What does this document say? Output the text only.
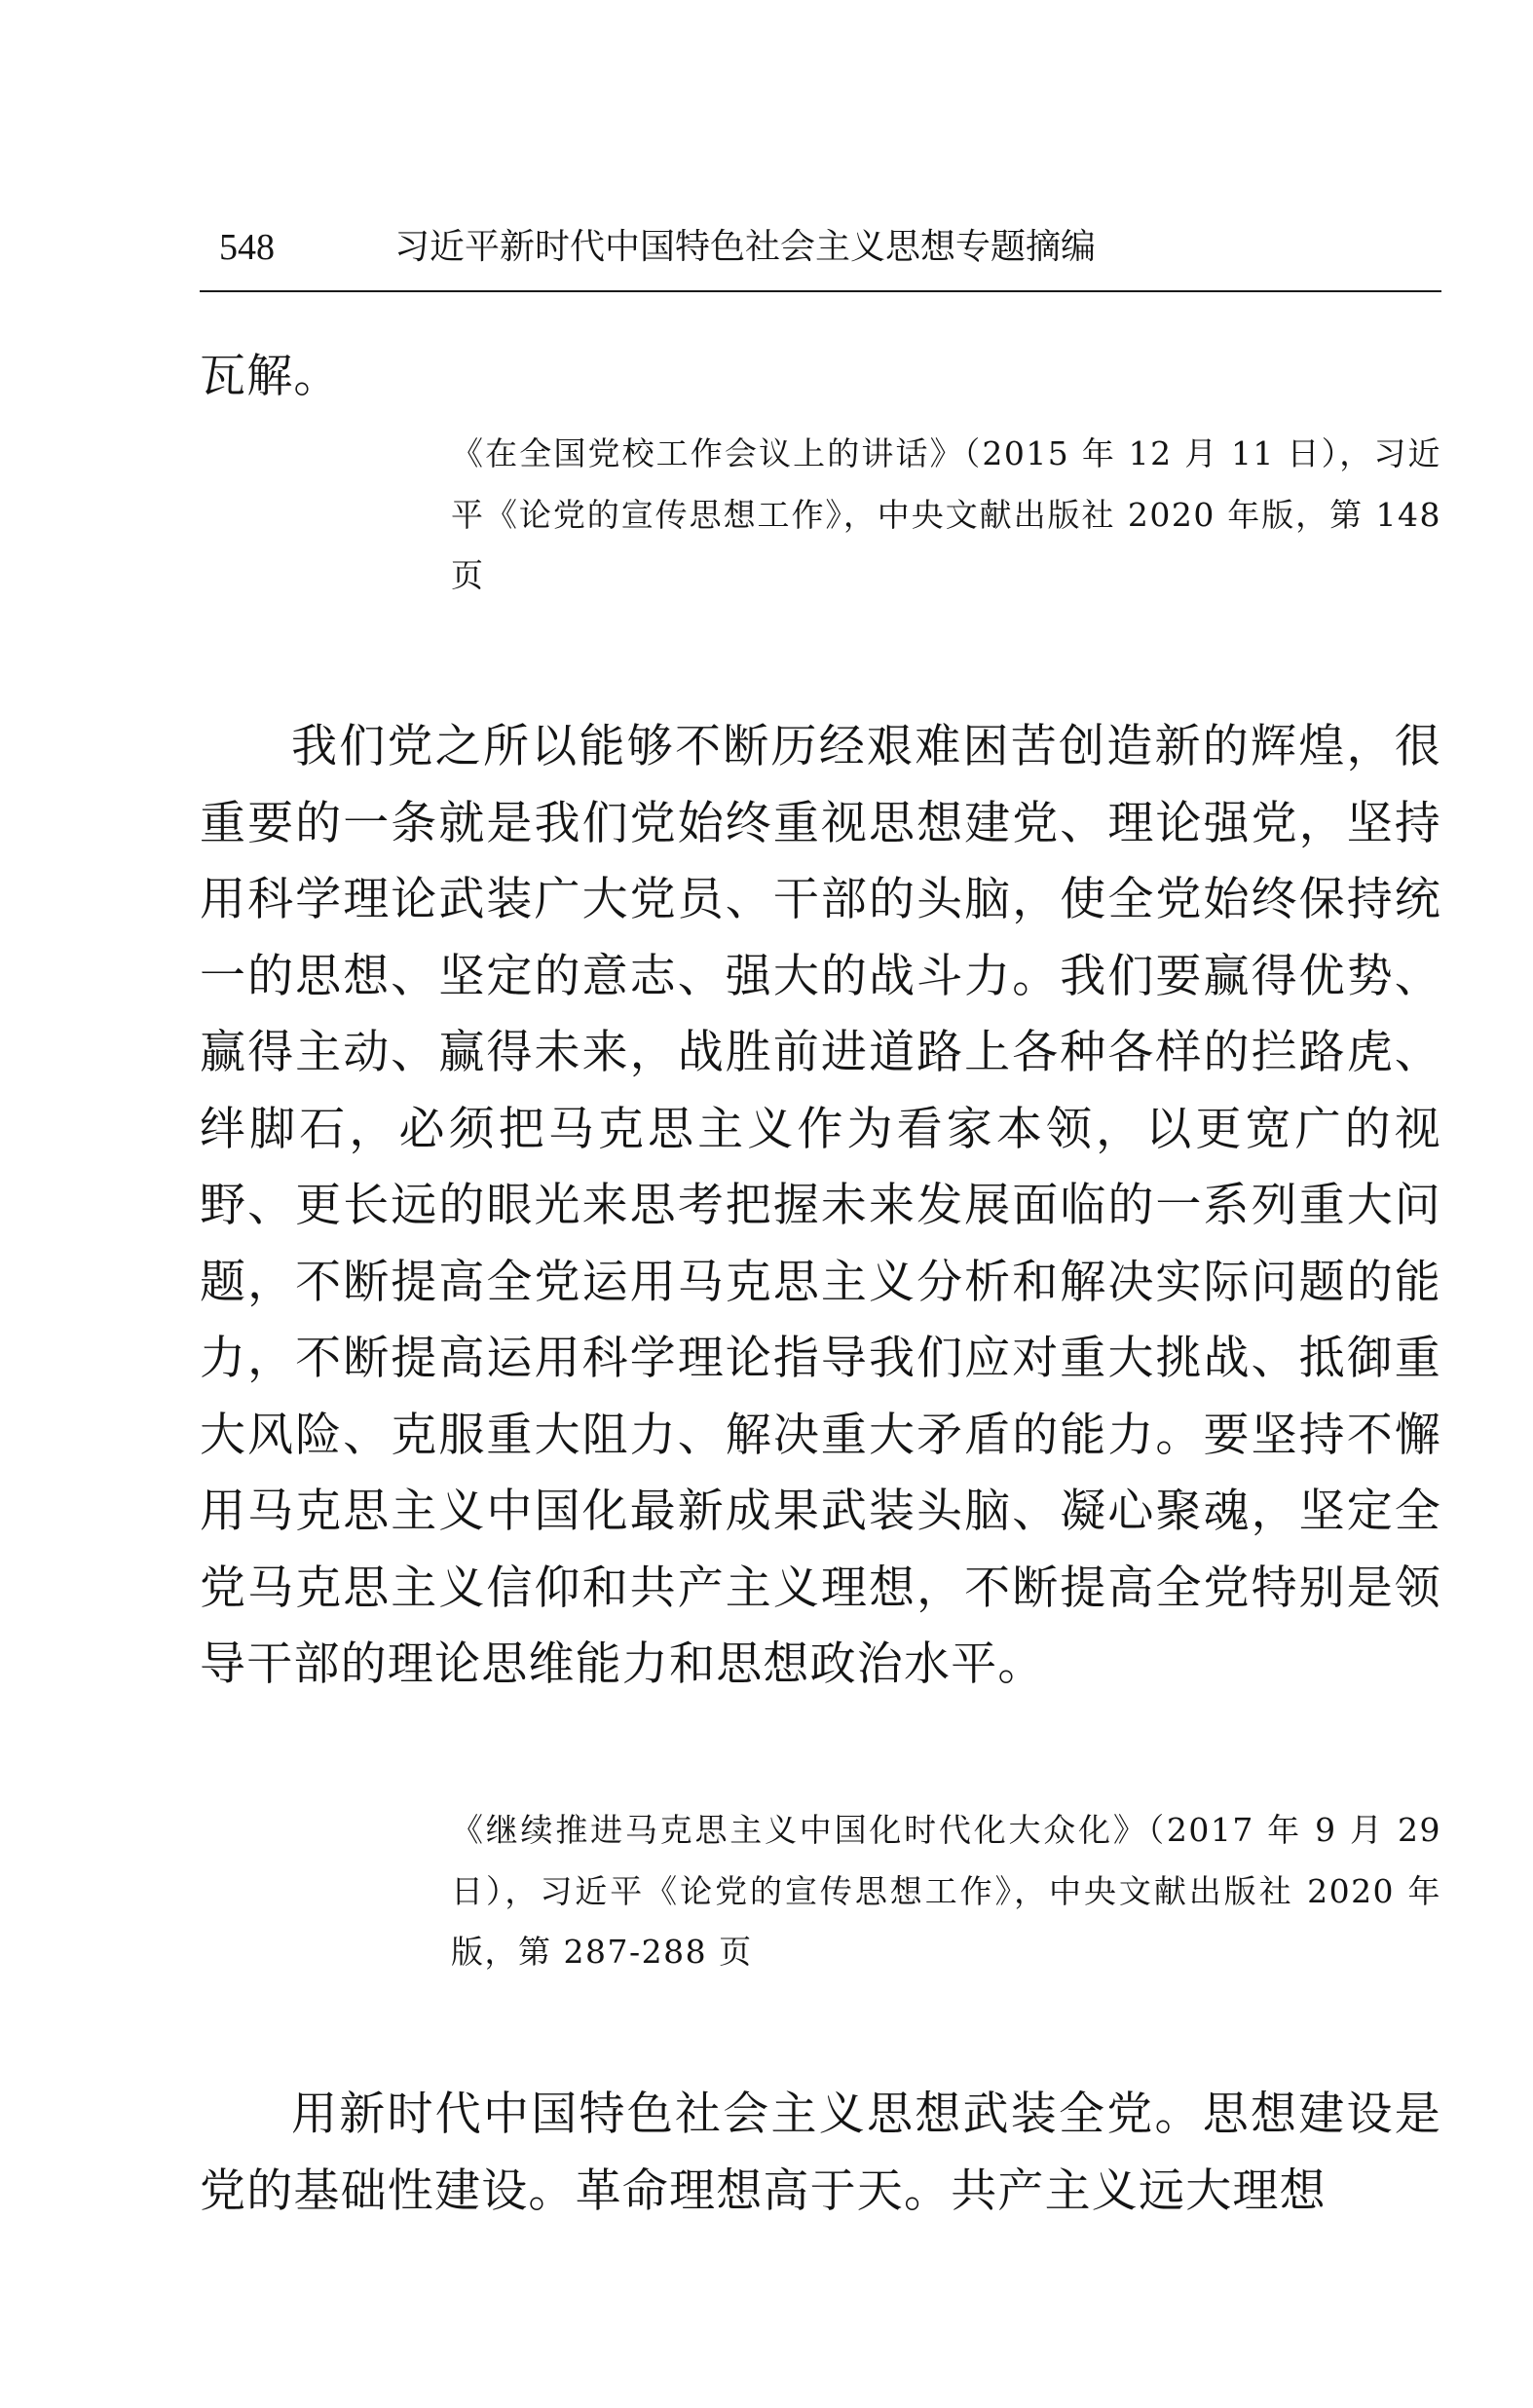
548	习近平新时代中国特色社会主义思想专题摘编

瓦解。

《在全国党校工作会议上的讲话》（2015 年 12 月 11 日），习近平《论党的宣传思想工作》，中央文献出版社 2020 年版，第 148 页

我们党之所以能够不断历经艰难困苦创造新的辉煌，很重要的一条就是我们党始终重视思想建党、理论强党，坚持用科学理论武装广大党员、干部的头脑，使全党始终保持统一的思想、坚定的意志、强大的战斗力。我们要赢得优势、赢得主动、赢得未来，战胜前进道路上各种各样的拦路虎、绊脚石，必须把马克思主义作为看家本领，以更宽广的视野、更长远的眼光来思考把握未来发展面临的一系列重大问题，不断提高全党运用马克思主义分析和解决实际问题的能力，不断提高运用科学理论指导我们应对重大挑战、抵御重大风险、克服重大阻力、解决重大矛盾的能力。要坚持不懈用马克思主义中国化最新成果武装头脑、凝心聚魂，坚定全党马克思主义信仰和共产主义理想，不断提高全党特别是领导干部的理论思维能力和思想政治水平。

《继续推进马克思主义中国化时代化大众化》（2017 年 9 月 29 日），习近平《论党的宣传思想工作》，中央文献出版社 2020 年版，第 287-288 页

用新时代中国特色社会主义思想武装全党。思想建设是党的基础性建设。革命理想高于天。共产主义远大理想
